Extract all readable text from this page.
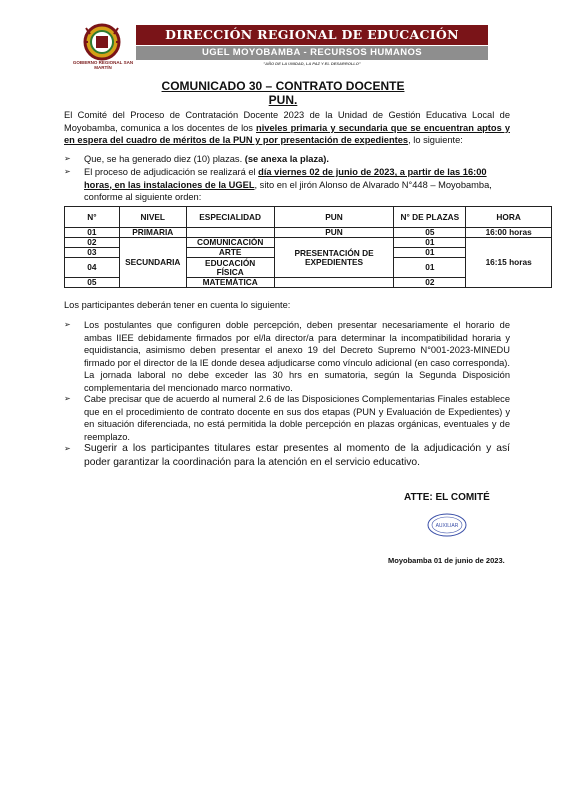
GOBIERNO REGIONAL SAN MARTÍN
DIRECCIÓN REGIONAL DE EDUCACIÓN
UGEL MOYOBAMBA - RECURSOS HUMANOS
"AÑO DE LA UNIDAD, LA PAZ Y EL DESARROLLO"
COMUNICADO 30 – CONTRATO DOCENTE
PUN.
El Comité del Proceso de Contratación Docente 2023 de la Unidad de Gestión Educativa Local de Moyobamba, comunica a los docentes de los niveles primaria y secundaria que se encuentran aptos y en espera del cuadro de méritos de la PUN y por presentación de expedientes, lo siguiente:
➢ Que, se ha generado diez (10) plazas. (se anexa la plaza).
➢ El proceso de adjudicación se realizará el día viernes 02 de junio de 2023, a partir de las 16:00 horas, en las instalaciones de la UGEL, sito en el jirón Alonso de Alvarado N°448 – Moyobamba, conforme al siguiente orden:
N°	NIVEL	ESPECIALIDAD	PUN	N° DE PLAZAS	HORA
01	PRIMARIA		PUN	05	16:00 horas
02	SECUNDARIA	COMUNICACIÓN	PRESENTACIÓN DE EXPEDIENTES	01	16:15 horas
03		ARTE		01	
04		EDUCACIÓN FÍSICA		01	
05		MATEMÁTICA		02	
Los participantes deberán tener en cuenta lo siguiente:
➢ Los postulantes que configuren doble percepción, deben presentar necesariamente el horario de ambas IIEE debidamente firmados por el/la director/a para determinar la incompatibilidad horaria y equidistancia, asimismo deben presentar el anexo 19 del Decreto Supremo N°001-2023-MINEDU firmado por el director de la IE donde desea adjudicarse como vínculo adicional (en caso corresponda). La jornada laboral no debe exceder las 30 hrs en sumatoria, según la Segunda Disposición complementaria del mencionado marco normativo.
➢ Cabe precisar que de acuerdo al numeral 2.6 de las Disposiciones Complementarias Finales establece que en el procedimiento de contrato docente en sus dos etapas (PUN y Evaluación de Expedientes) y en situación diferenciada, no está permitida la doble percepción en plazas orgánicas, eventuales y de reemplazo.
➢ Sugerir a los participantes titulares estar presentes al momento de la adjudicación y así poder garantizar la coordinación para la atención en el servicio educativo.
ATTE: EL COMITÉ
AUXILIAR
Moyobamba 01 de junio de 2023.
